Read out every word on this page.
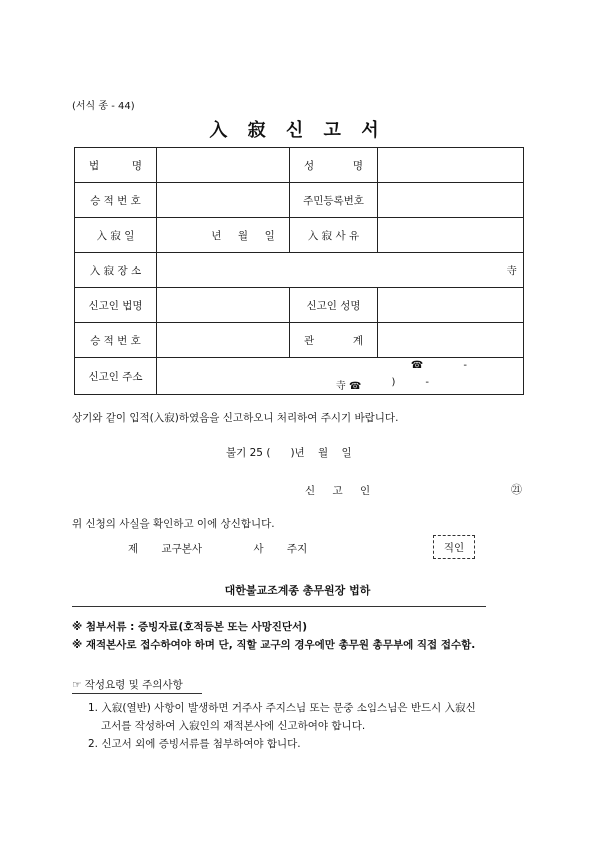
(서식 종 - 44)
入 寂 신 고 서
법 명		성 명	

승 적 번 호		주민등록번호	
入 寂 일	년 월 일	入 寂 사 유	
入 寂 장 소	寺		
신고인 법명		신고인 성명	
승 적 번 호		관 계	

신고인 주소	☎ -
寺 ☎ ) -		
상기와 같이 입적(入寂)하였음을 신고하오니 처리하여 주시기 바랍니다.
불기 25 (      )년    월    일
신 고 인	㉑
위 신청의 사실을 확인하고 이에 상신합니다.
제 교구본사	사 주지	직인
대한불교조계종 총무원장 법하
※ 첨부서류 : 증빙자료(호적등본 또는 사망진단서)
※ 재적본사로 접수하여야 하며 단, 직할 교구의 경우에만 총무원 총무부에 직접 접수함.
☞ 작성요령 및 주의사항
1. 入寂(열반) 사항이 발생하면 거주사 주지스님 또는 문중 소임스님은 반드시 入寂신
고서를 작성하여 入寂인의 재적본사에 신고하여야 합니다.
2. 신고서 외에 증빙서류를 첨부하여야 합니다.
